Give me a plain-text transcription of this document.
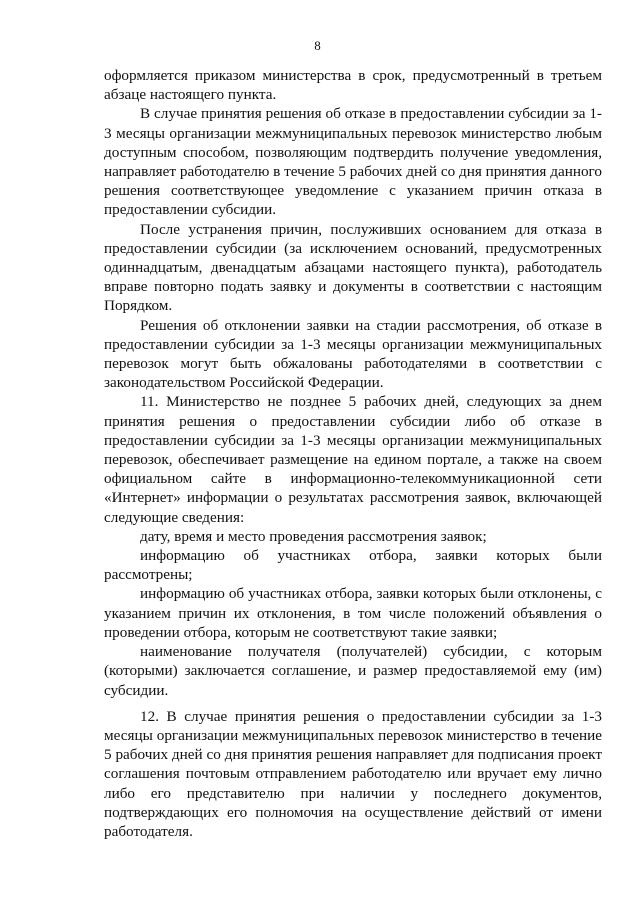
8

оформляется приказом министерства в срок, предусмотренный в третьем абзаце настоящего пункта.

В случае принятия решения об отказе в предоставлении субсидии за 1-3 месяцы организации межмуниципальных перевозок министерство любым доступным способом, позволяющим подтвердить получение уведомления, направляет работодателю в течение 5 рабочих дней со дня принятия данного решения соответствующее уведомление с указанием причин отказа в предоставлении субсидии.

После устранения причин, послуживших основанием для отказа в предоставлении субсидии (за исключением оснований, предусмотренных одиннадцатым, двенадцатым абзацами настоящего пункта), работодатель вправе повторно подать заявку и документы в соответствии с настоящим Порядком.

Решения об отклонении заявки на стадии рассмотрения, об отказе в предоставлении субсидии за 1-3 месяцы организации межмуниципальных перевозок могут быть обжалованы работодателями в соответствии с законодательством Российской Федерации.

11. Министерство не позднее 5 рабочих дней, следующих за днем принятия решения о предоставлении субсидии либо об отказе в предоставлении субсидии за 1-3 месяцы организации межмуниципальных перевозок, обеспечивает размещение на едином портале, а также на своем официальном сайте в информационно-телекоммуникационной сети «Интернет» информации о результатах рассмотрения заявок, включающей следующие сведения:

дату, время и место проведения рассмотрения заявок;

информацию об участниках отбора, заявки которых были рассмотрены;

информацию об участниках отбора, заявки которых были отклонены, с указанием причин их отклонения, в том числе положений объявления о проведении отбора, которым не соответствуют такие заявки;

наименование получателя (получателей) субсидии, с которым (которыми) заключается соглашение, и размер предоставляемой ему (им) субсидии.

12. В случае принятия решения о предоставлении субсидии за 1-3 месяцы организации межмуниципальных перевозок министерство в течение 5 рабочих дней со дня принятия решения направляет для подписания проект соглашения почтовым отправлением работодателю или вручает ему лично либо его представителю при наличии у последнего документов, подтверждающих его полномочия на осуществление действий от имени работодателя.
